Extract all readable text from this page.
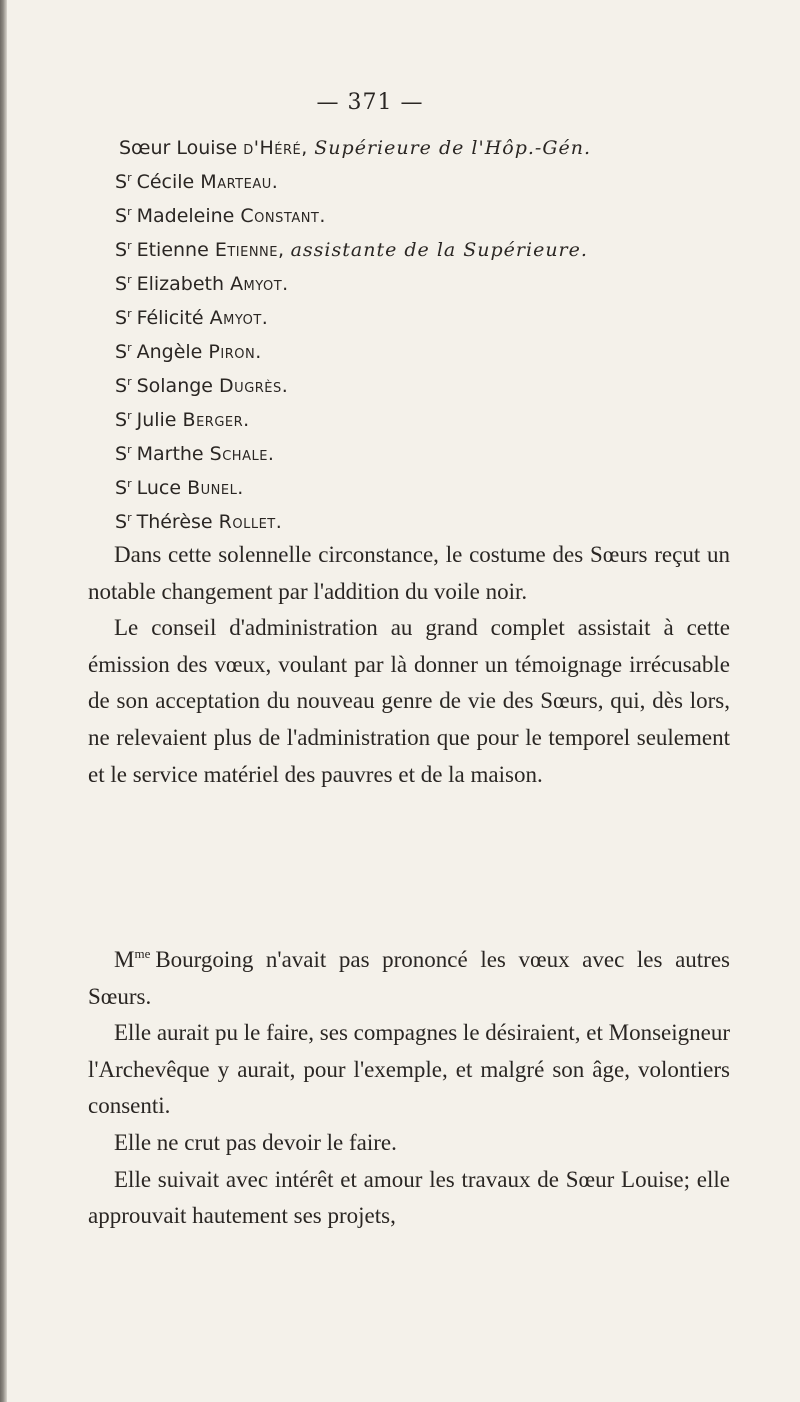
— 371 —
Sœur Louise d'Héré, Supérieure de l'Hôp.-Gén.
$S^r$ Cécile Marteau.
$S^r$ Madeleine Constant.
$S^r$ Etienne Etienne, assistante de la Supérieure.
$S^r$ Elizabeth Amyot.
$S^r$ Félicité Amyot.
$S^r$ Angèle Piron.
$S^r$ Solange Dugrès.
$S^r$ Julie Berger.
$S^r$ Marthe Schale.
$S^r$ Luce Bunel.
$S^r$ Thérèse Rollet.

Dans cette solennelle circonstance, le costume des Sœurs reçut un notable changement par l'addition du voile noir.

Le conseil d'administration au grand complet assistait à cette émission des vœux, voulant par là donner un témoignage irrécusable de son acceptation du nouveau genre de vie des Sœurs, qui, dès lors, ne relevaient plus de l'administration que pour le temporel seulement et le service matériel des pauvres et de la maison.

$M^{me}$ Bourgoing n'avait pas prononcé les vœux avec les autres Sœurs.

Elle aurait pu le faire, ses compagnes le désiraient, et Monseigneur l'Archevêque y aurait, pour l'exemple, et malgré son âge, volontiers consenti.

Elle ne crut pas devoir le faire.

Elle suivait avec intérêt et amour les travaux de Sœur Louise; elle approuvait hautement ses projets,
